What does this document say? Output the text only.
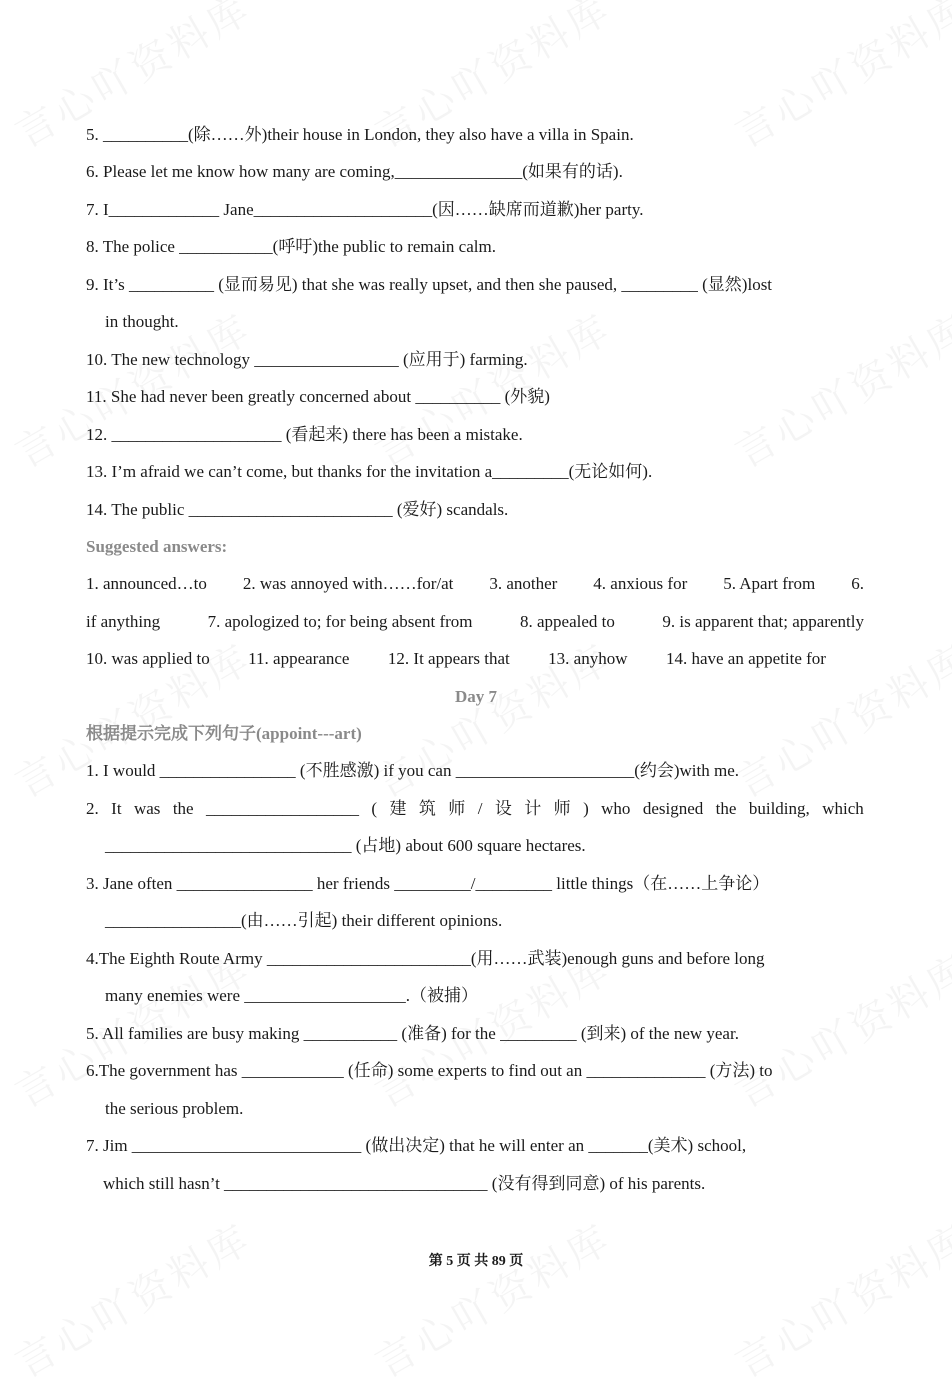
5. __________(除……外)their house in London, they also have a villa in Spain.
6. Please let me know how many are coming,_______________(如果有的话).
7. I_____________ Jane_____________________(因……缺席而道歉)her party.
8. The police ___________(呼吁)the public to remain calm.
9. It’s __________ (显而易见) that she was really upset, and then she paused, _________ (显然)lost
in thought.
10. The new technology _________________ (应用于) farming.
11. She had never been greatly concerned about __________ (外貌)
12. ____________________ (看起来) there has been a mistake.
13. I’m afraid we can’t come, but thanks for the invitation a_________(无论如何).
14. The public ________________________ (爱好) scandals.
Suggested answers:
1. announced…to 2. was annoyed with……for/at 3. another 4. anxious for 5. Apart from 6.
if anything	7. apologized to; for being absent from	8. appealed to	9. is apparent that; apparently
10. was applied to 11. appearance 12. It appears that 13. anyhow 14. have an appetite for
Day 7
根据提示完成下列句子(appoint---art)
1. I would ________________ (不胜感激) if you can _____________________(约会)with me.
2. It was the __________________ ( 建 筑 师 / 设 计 师 ) who designed the building, which
_____________________________ (占地) about 600 square hectares.
3. Jane often ________________ her friends _________/_________ little things（在……上争论）
________________(由……引起) their different opinions.
4.The Eighth Route Army ________________________(用……武装)enough guns and before long
many enemies were ___________________.（被捕）
5. All families are busy making ___________ (准备) for the _________ (到来) of the new year.
6.The government has ____________ (任命) some experts to find out an ______________ (方法) to
the serious problem.
7. Jim ___________________________ (做出决定) that he will enter an _______(美术) school,
which still hasn’t _______________________________ (没有得到同意) of his parents.
第 5 页 共 89 页
